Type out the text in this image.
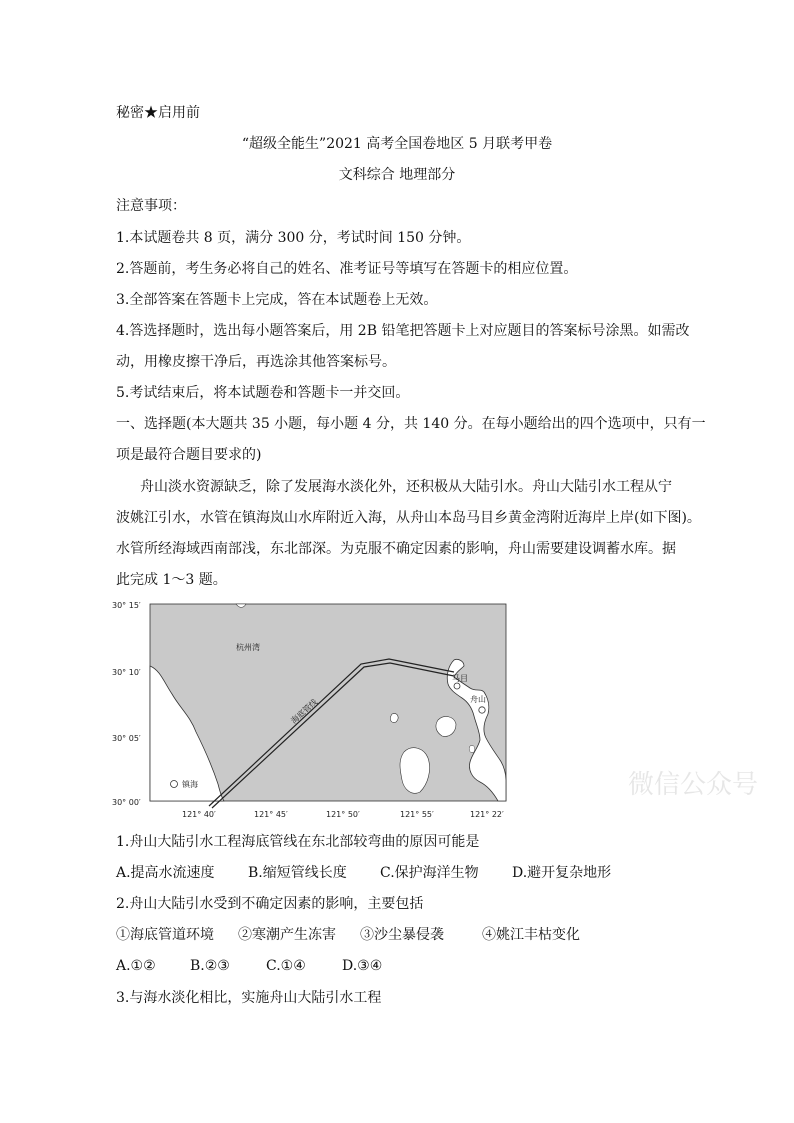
秘密★启用前
“超级全能生”2021 高考全国卷地区 5 月联考甲卷
文科综合 地理部分
注意事项：
1.本试题卷共 8 页，满分 300 分，考试时间 150 分钟。
2.答题前，考生务必将自己的姓名、准考证号等填写在答题卡的相应位置。
3.全部答案在答题卡上完成，答在本试题卷上无效。
4.答选择题时，选出每小题答案后，用 2B 铅笔把答题卡上对应题目的答案标号涂黑。如需改
动，用橡皮擦干净后，再选涂其他答案标号。
5.考试结束后，将本试题卷和答题卡一并交回。
一、选择题(本大题共 35 小题，每小题 4 分，共 140 分。在每小题给出的四个选项中，只有一
项是最符合题目要求的)
舟山淡水资源缺乏，除了发展海水淡化外，还积极从大陆引水。舟山大陆引水工程从宁
波姚江引水，水管在镇海岚山水库附近入海，从舟山本岛马目乡黄金湾附近海岸上岸(如下图)。
水管所经海域西南部浅，东北部深。为克服不确定因素的影响，舟山需要建设调蓄水库。据
此完成 1～3 题。
海底管线
杭州湾
马目
舟山
镇海
30° 15′
30° 10′
30° 05′
30° 00′
121° 40′	121° 45′	121° 50′	121° 55′	121° 22′
微信公众号
1.舟山大陆引水工程海底管线在东北部较弯曲的原因可能是
A.提高水流速度 B.缩短管线长度 C.保护海洋生物 D.避开复杂地形
2.舟山大陆引水受到不确定因素的影响，主要包括
①海底管道环境 ②寒潮产生冻害 ③沙尘暴侵袭	④姚江丰枯变化
A.①② B.②③	C.①④	D.③④
3.与海水淡化相比，实施舟山大陆引水工程
